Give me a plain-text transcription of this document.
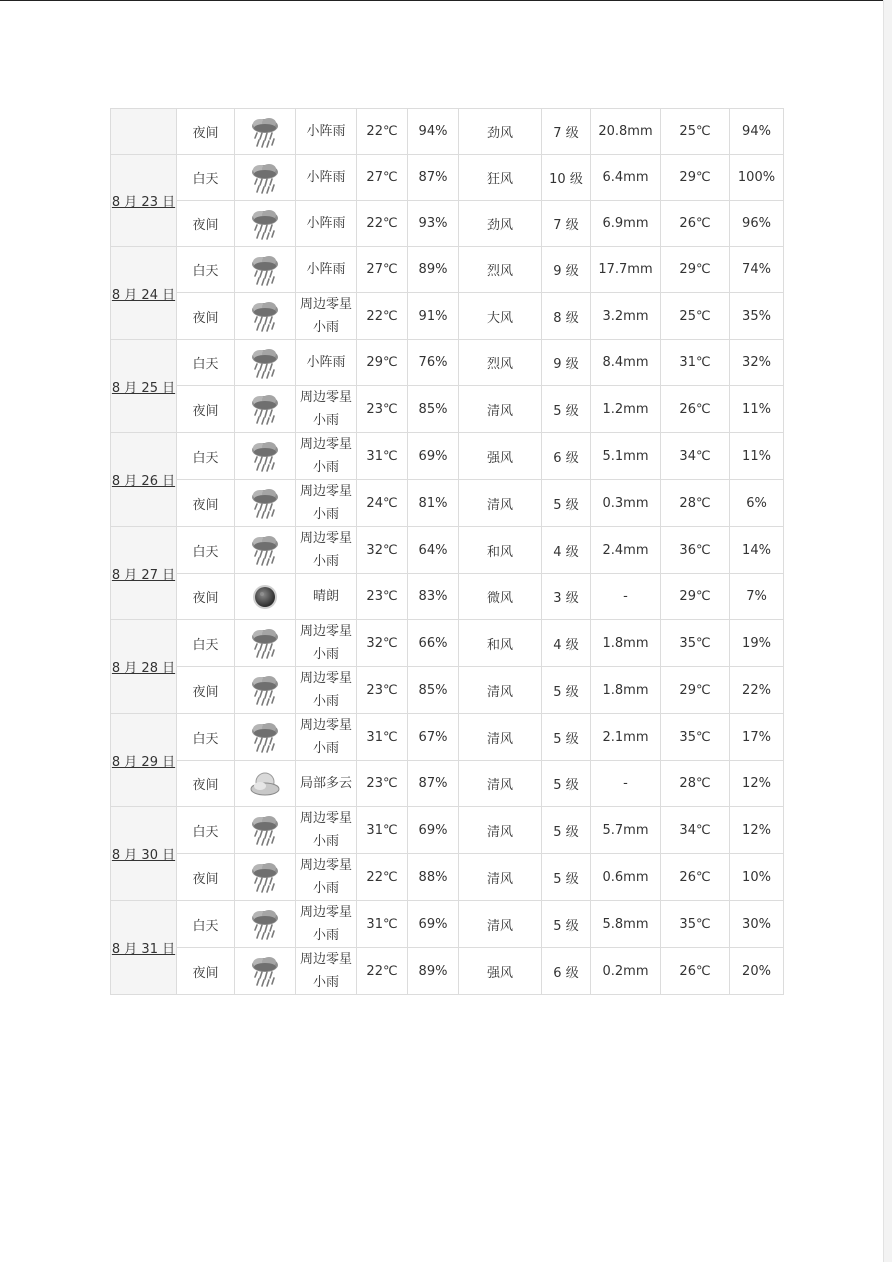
	夜间		小阵雨	22℃	94%	劲风	7 级	20.8mm	25℃	94%
8 月 23 日	白天		小阵雨	27℃	87%	狂风	10 级	6.4mm	29℃	100%
	夜间		小阵雨	22℃	93%	劲风	7 级	6.9mm	26℃	96%
8 月 24 日	白天		小阵雨	27℃	89%	烈风	9 级	17.7mm	29℃	74%
	夜间		周边零星小雨	22℃	91%	大风	8 级	3.2mm	25℃	35%
8 月 25 日	白天		小阵雨	29℃	76%	烈风	9 级	8.4mm	31℃	32%
	夜间		周边零星小雨	23℃	85%	清风	5 级	1.2mm	26℃	11%
8 月 26 日	白天		周边零星小雨	31℃	69%	强风	6 级	5.1mm	34℃	11%
	夜间		周边零星小雨	24℃	81%	清风	5 级	0.3mm	28℃	6%
8 月 27 日	白天		周边零星小雨	32℃	64%	和风	4 级	2.4mm	36℃	14%
	夜间		晴朗	23℃	83%	微风	3 级	-	29℃	7%
8 月 28 日	白天		周边零星小雨	32℃	66%	和风	4 级	1.8mm	35℃	19%
	夜间		周边零星小雨	23℃	85%	清风	5 级	1.8mm	29℃	22%
8 月 29 日	白天		周边零星小雨	31℃	67%	清风	5 级	2.1mm	35℃	17%
	夜间		局部多云	23℃	87%	清风	5 级	-	28℃	12%
8 月 30 日	白天		周边零星小雨	31℃	69%	清风	5 级	5.7mm	34℃	12%
	夜间		周边零星小雨	22℃	88%	清风	5 级	0.6mm	26℃	10%
8 月 31 日	白天		周边零星小雨	31℃	69%	清风	5 级	5.8mm	35℃	30%
	夜间		周边零星小雨	22℃	89%	强风	6 级	0.2mm	26℃	20%
